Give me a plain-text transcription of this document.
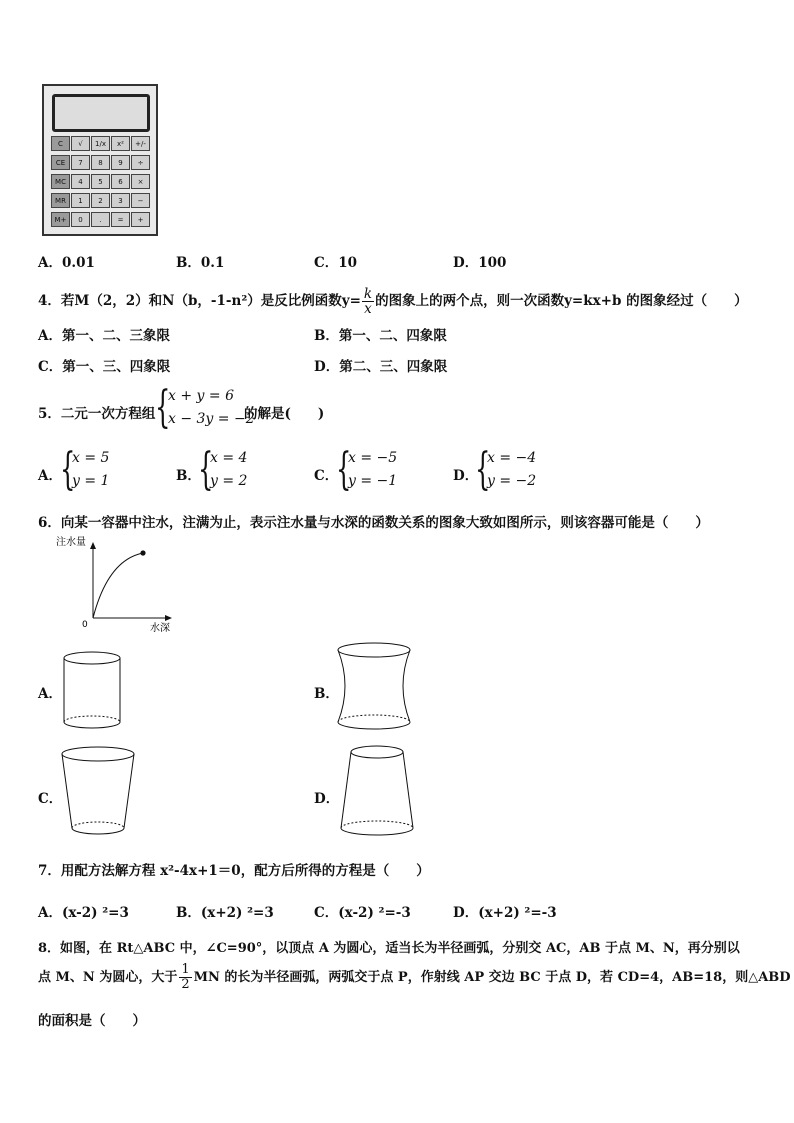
C	√	1/x	x²	+/-
CE	7	8	9	÷
MC	4	5	6	×
MR	1	2	3	−
M+	0	.	=	+
A．0.01	B．0.1	C．10	D．100
4．若M（2，2）和N（b，-1-n²）是反比例函数$y= \frac{k}{x}$ 的图象上的两个点，则一次函数y=kx+b 的图象经过（　　）
A．第一、二、三象限	B．第一、二、四象限
C．第一、三、四象限	D．第二、三、四象限
5．二元一次方程组 {
x + y = 6
x − 3y = −2
的解是(　　)
A．
{
x = 5
y = 1	B．
{
x = 4
y = 2	C．
{
x = −5
y = −1	D．
{
x = −4
y = −2
6．向某一容器中注水，注满为止，表示注水量与水深的函数关系的图象大致如图所示，则该容器可能是（　　）
注水量
0	水深
A．	B．
C．	D．
7．用配方法解方程 x²-4x+1＝0，配方后所得的方程是（　　）
A．(x-2) ²=3	B．(x+2) ²=3	C．(x-2) ²=-3	D．(x+2) ²=-3
8．如图，在 Rt△ABC 中，∠C=90°，以顶点 A 为圆心，适当长为半径画弧，分别交 AC，AB 于点 M、N，再分别以
点 M、N 为圆心，大于 $\frac{1}{2}$ MN 的长为半径画弧，两弧交于点 P，作射线 AP 交边 BC 于点 D，若 CD=4，AB=18，则△ABD
的面积是（　　）
